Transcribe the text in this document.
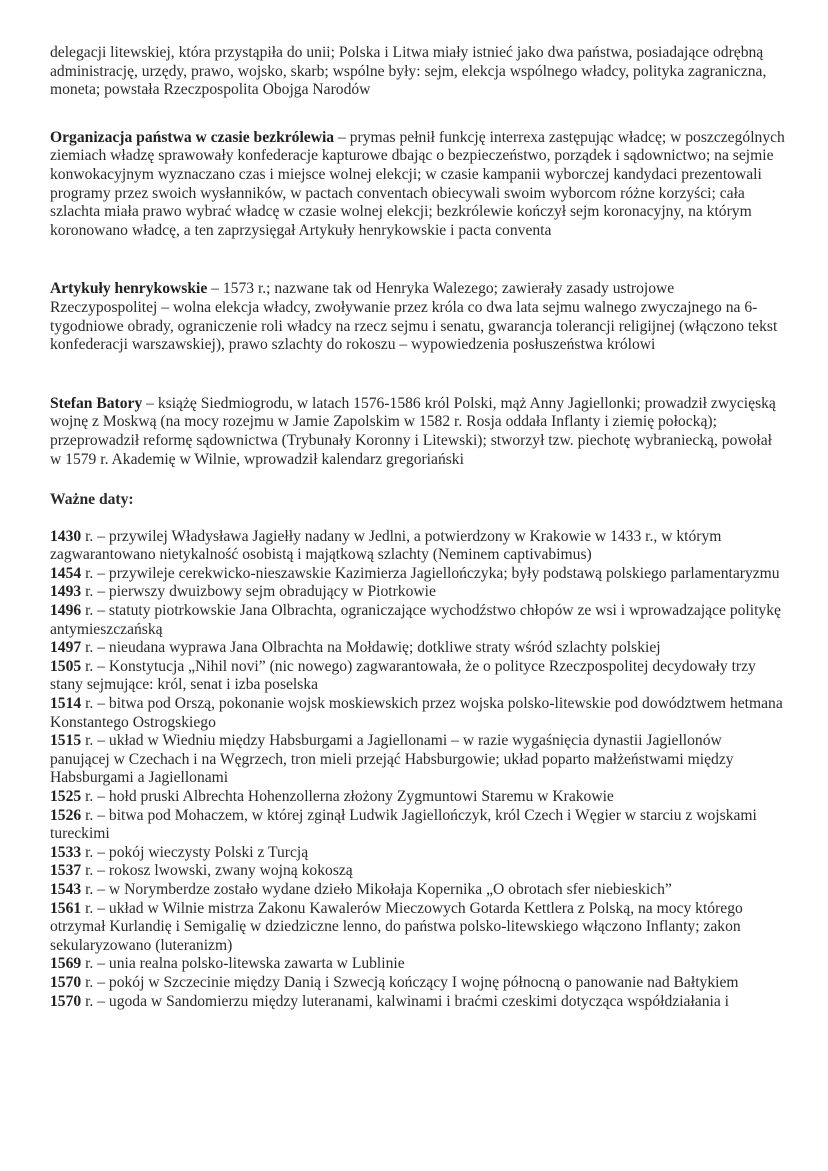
delegacji litewskiej, która przystąpiła do unii; Polska i Litwa miały istnieć jako dwa państwa, posiadające odrębną administrację, urzędy, prawo, wojsko, skarb; wspólne były: sejm, elekcja wspólnego władcy, polityka zagraniczna, moneta; powstała Rzeczpospolita Obojga Narodów

Organizacja państwa w czasie bezkrólewia – prymas pełnił funkcję interrexa zastępując władcę; w poszczególnych ziemiach władzę sprawowały konfederacje kapturowe dbając o bezpieczeństwo, porządek i sądownictwo; na sejmie konwokacyjnym wyznaczano czas i miejsce wolnej elekcji; w czasie kampanii wyborczej kandydaci prezentowali programy przez swoich wysłanników, w pactach conventach obiecywali swoim wyborcom różne korzyści; cała szlachta miała prawo wybrać władcę w czasie wolnej elekcji; bezkrólewie kończył sejm koronacyjny, na którym koronowano władcę, a ten zaprzysięgał Artykuły henrykowskie i pacta conventa

Artykuły henrykowskie – 1573 r.; nazwane tak od Henryka Walezego; zawierały zasady ustrojowe Rzeczypospolitej – wolna elekcja władcy, zwoływanie przez króla co dwa lata sejmu walnego zwyczajnego na 6-tygodniowe obrady, ograniczenie roli władcy na rzecz sejmu i senatu, gwarancja tolerancji religijnej (włączono tekst konfederacji warszawskiej), prawo szlachty do rokoszu – wypowiedzenia posłuszeństwa królowi

Stefan Batory – książę Siedmiogrodu, w latach 1576-1586 król Polski, mąż Anny Jagiellonki; prowadził zwycięską wojnę z Moskwą (na mocy rozejmu w Jamie Zapolskim w 1582 r. Rosja oddała Inflanty i ziemię połocką); przeprowadził reformę sądownictwa (Trybunały Koronny i Litewski); stworzył tzw. piechotę wybraniecką, powołał w 1579 r. Akademię w Wilnie, wprowadził kalendarz gregoriański

Ważne daty:

1430 r. – przywilej Władysława Jagiełły nadany w Jedlni, a potwierdzony w Krakowie w 1433 r., w którym zagwarantowano nietykalność osobistą i majątkową szlachty (Neminem captivabimus)

1454 r. – przywileje cerekwicko-nieszawskie Kazimierza Jagiellończyka; były podstawą polskiego parlamentaryzmu

1493 r. – pierwszy dwuizbowy sejm obradujący w Piotrkowie

1496 r. – statuty piotrkowskie Jana Olbrachta, ograniczające wychodźstwo chłopów ze wsi i wprowadzające politykę antymieszczańską

1497 r. – nieudana wyprawa Jana Olbrachta na Mołdawię; dotkliwe straty wśród szlachty polskiej

1505 r. – Konstytucja „Nihil novi” (nic nowego) zagwarantowała, że o polityce Rzeczpospolitej decydowały trzy stany sejmujące: król, senat i izba poselska

1514 r. – bitwa pod Orszą, pokonanie wojsk moskiewskich przez wojska polsko-litewskie pod dowództwem hetmana Konstantego Ostrogskiego

1515 r. – układ w Wiedniu między Habsburgami a Jagiellonami – w razie wygaśnięcia dynastii Jagiellonów panującej w Czechach i na Węgrzech, tron mieli przejąć Habsburgowie; układ poparto małżeństwami między Habsburgami a Jagiellonami

1525 r. – hołd pruski Albrechta Hohenzollerna złożony Zygmuntowi Staremu w Krakowie

1526 r. – bitwa pod Mohaczem, w której zginął Ludwik Jagiellończyk, król Czech i Węgier w starciu z wojskami tureckimi

1533 r. – pokój wieczysty Polski z Turcją

1537 r. – rokosz lwowski, zwany wojną kokoszą

1543 r. – w Norymberdze zostało wydane dzieło Mikołaja Kopernika „O obrotach sfer niebieskich”

1561 r. – układ w Wilnie mistrza Zakonu Kawalerów Mieczowych Gotarda Kettlera z Polską, na mocy którego otrzymał Kurlandię i Semigalię w dziedziczne lenno, do państwa polsko-litewskiego włączono Inflanty; zakon sekularyzowano (luteranizm)

1569 r. – unia realna polsko-litewska zawarta w Lublinie

1570 r. – pokój w Szczecinie między Danią i Szwecją kończący I wojnę północną o panowanie nad Bałtykiem

1570 r. – ugoda w Sandomierzu między luteranami, kalwinami i braćmi czeskimi dotycząca współdziałania i
